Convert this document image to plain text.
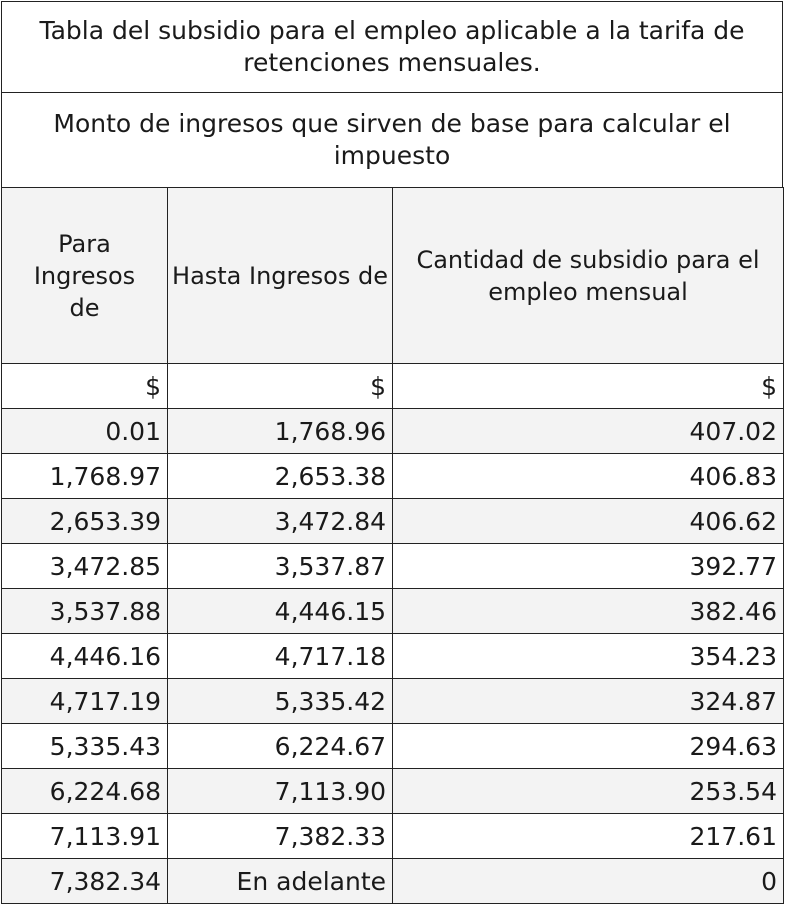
Tabla del subsidio para el empleo aplicable a la tarifa de retenciones mensuales.
Monto de ingresos que sirven de base para calcular el impuesto
Para Ingresos de	Hasta Ingresos de	Cantidad de subsidio para el empleo mensual
$	$	$
0.01	1,768.96	407.02
1,768.97	2,653.38	406.83
2,653.39	3,472.84	406.62
3,472.85	3,537.87	392.77
3,537.88	4,446.15	382.46
4,446.16	4,717.18	354.23
4,717.19	5,335.42	324.87
5,335.43	6,224.67	294.63
6,224.68	7,113.90	253.54
7,113.91	7,382.33	217.61
7,382.34	En adelante	0
